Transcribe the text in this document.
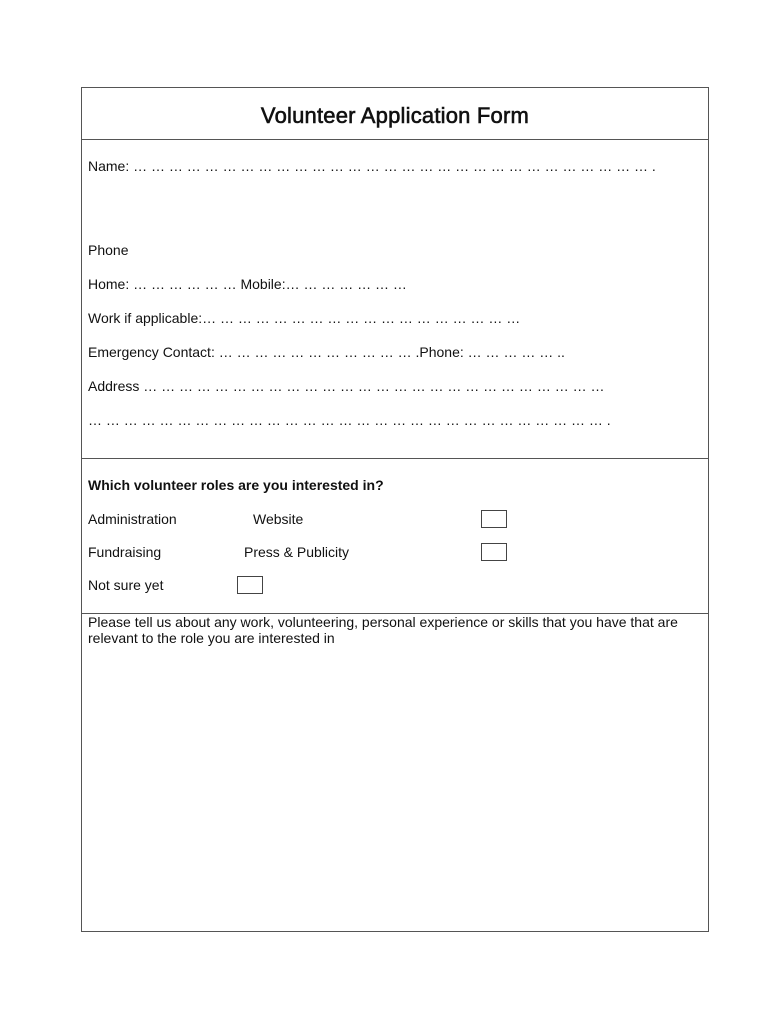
Volunteer Application Form
Name: … … … … … … … … … … … … … … … … … … … … … … … … … … … … … .
Phone
Home: … … … … … … Mobile:… … … … … … …
Work if applicable:… … … … … … … … … … … … … … … … … …
Emergency Contact: … … … … … … … … … … … .Phone: … … … … … ..
Address … … … … … … … … … … … … … … … … … … … … … … … … … …
… … … … … … … … … … … … … … … … … … … … … … … … … … … … … .
Which volunteer roles are you interested in?
Administration	Website
Fundraising	Press & Publicity
Not sure yet
Please tell us about any work, volunteering, personal experience or skills that you have that are relevant to the role you are interested in
